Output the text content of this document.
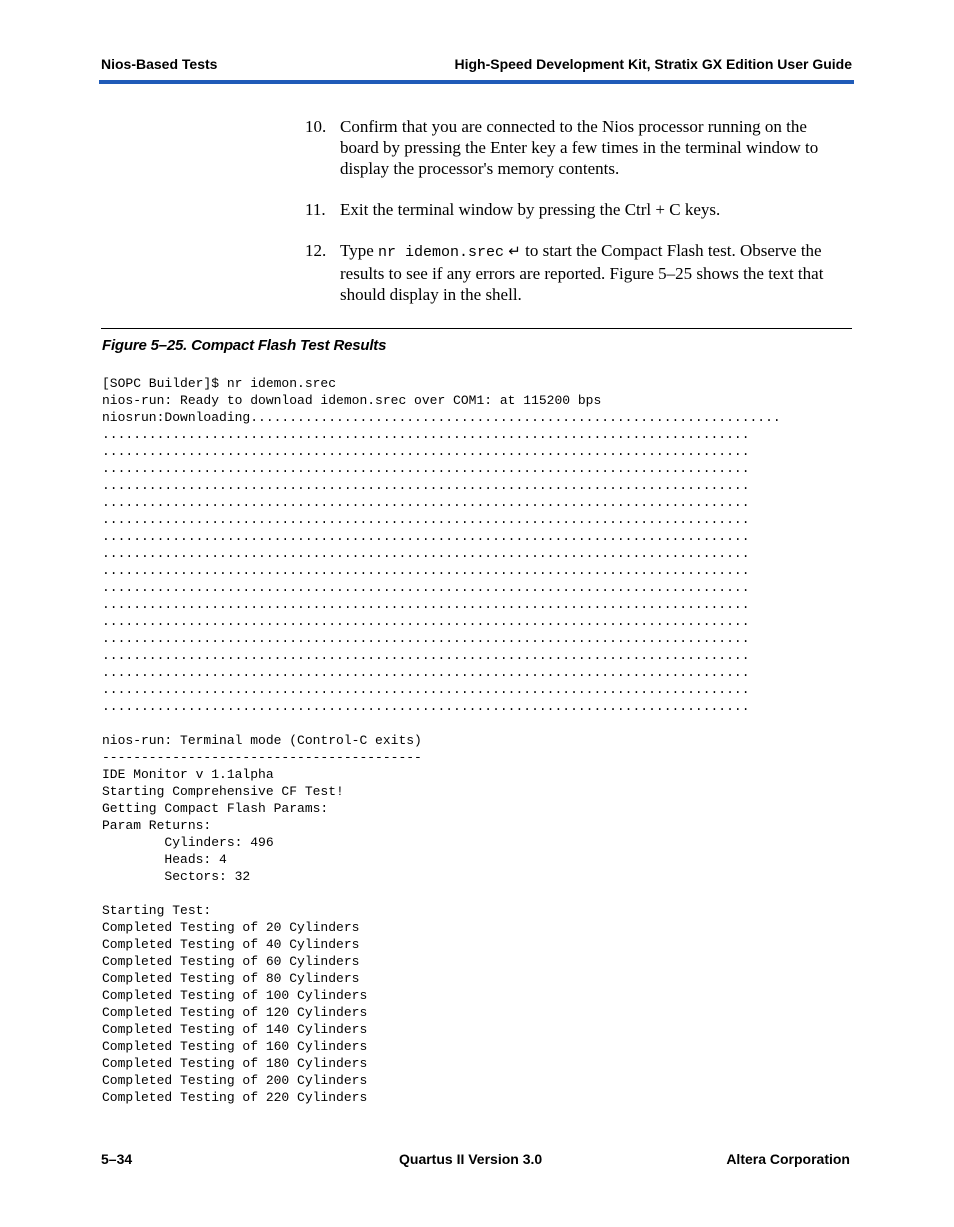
Nios-Based Tests	High-Speed Development Kit, Stratix GX Edition User Guide
10. Confirm that you are connected to the Nios processor running on the board by pressing the Enter key a few times in the terminal window to display the processor's memory contents.
11. Exit the terminal window by pressing the Ctrl + C keys.
12. Type nr idemon.srec ↵ to start the Compact Flash test. Observe the results to see if any errors are reported. Figure 5–25 shows the text that should display in the shell.
Figure 5–25. Compact Flash Test Results
[SOPC Builder]$ nr idemon.srec
nios-run: Ready to download idemon.srec over COM1: at 115200 bps
niosrun:Downloading....................................................................
...................................................................................
...................................................................................
...................................................................................
...................................................................................
...................................................................................
...................................................................................
...................................................................................
...................................................................................
...................................................................................
...................................................................................
...................................................................................
...................................................................................
...................................................................................
...................................................................................
...................................................................................
...................................................................................
...................................................................................

nios-run: Terminal mode (Control-C exits)
-----------------------------------------
IDE Monitor v 1.1alpha
Starting Comprehensive CF Test!
Getting Compact Flash Params:
Param Returns:
Cylinders: 496
Heads: 4
Sectors: 32

Starting Test:
Completed Testing of 20 Cylinders
Completed Testing of 40 Cylinders
Completed Testing of 60 Cylinders
Completed Testing of 80 Cylinders
Completed Testing of 100 Cylinders
Completed Testing of 120 Cylinders
Completed Testing of 140 Cylinders
Completed Testing of 160 Cylinders
Completed Testing of 180 Cylinders
Completed Testing of 200 Cylinders
Completed Testing of 220 Cylinders
5–34	Quartus II Version 3.0	Altera Corporation
